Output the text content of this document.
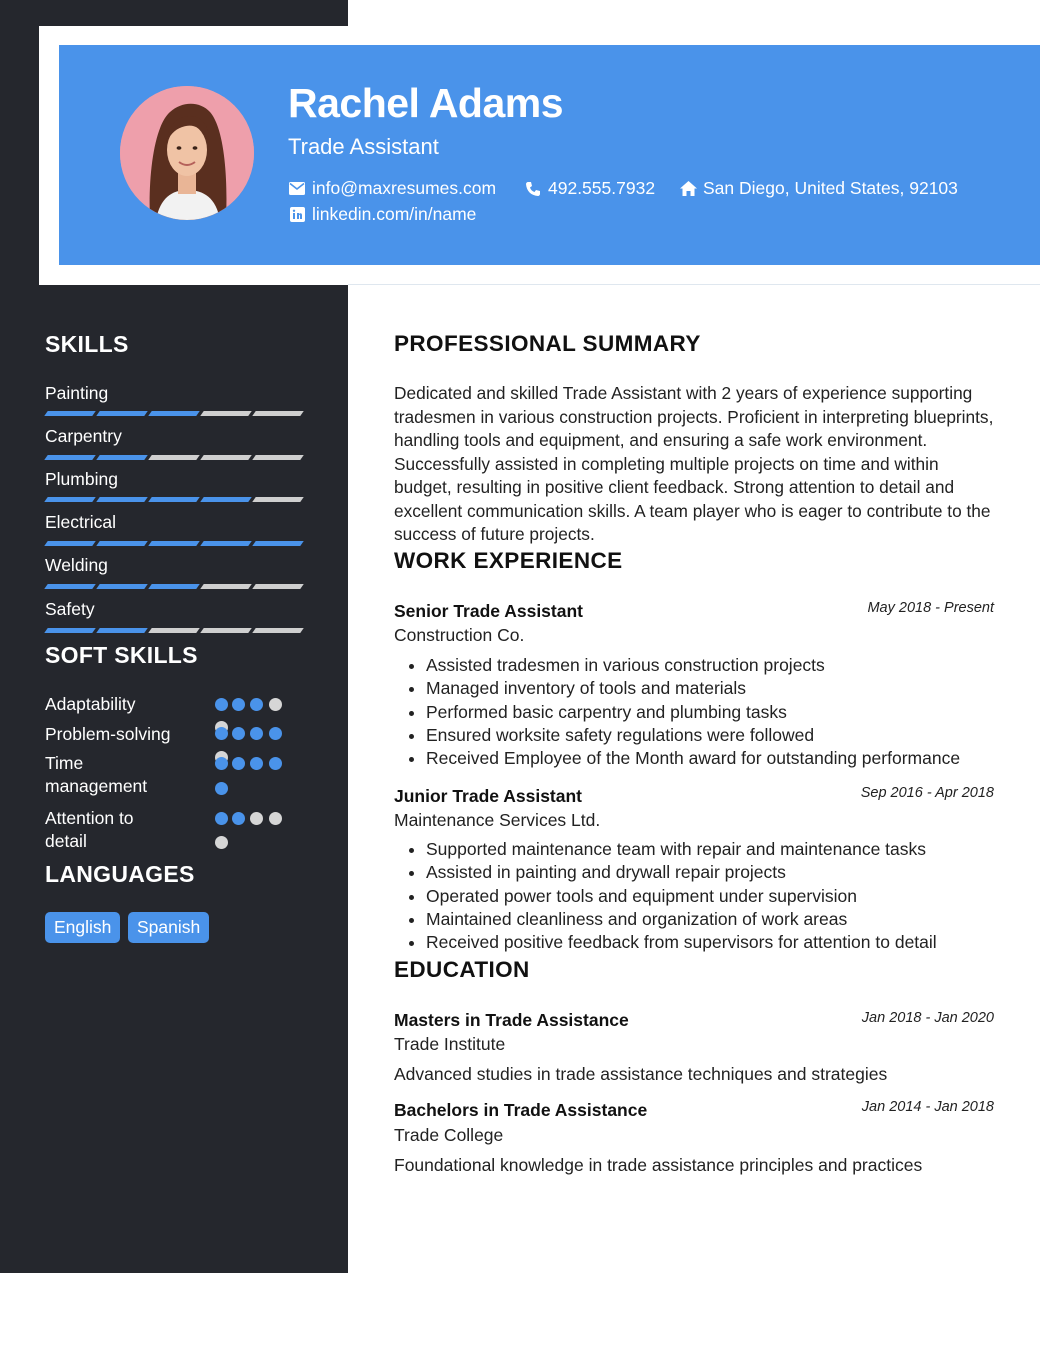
Rachel Adams
Trade Assistant
info@maxresumes.com	492.555.7932	San Diego, United States, 92103
linkedin.com/in/name
SKILLS
Painting
Carpentry
Plumbing
Electrical
Welding
Safety
SOFT SKILLS
Adaptability
Problem-solving
Time management
Attention to detail
LANGUAGES
English	Spanish
PROFESSIONAL SUMMARY
Dedicated and skilled Trade Assistant with 2 years of experience supporting tradesmen in various construction projects. Proficient in interpreting blueprints, handling tools and equipment, and ensuring a safe work environment. Successfully assisted in completing multiple projects on time and within budget, resulting in positive client feedback. Strong attention to detail and excellent communication skills. A team player who is eager to contribute to the success of future projects.
WORK EXPERIENCE
Senior Trade Assistant	May 2018 - Present
Construction Co.
Assisted tradesmen in various construction projects
Managed inventory of tools and materials
Performed basic carpentry and plumbing tasks
Ensured worksite safety regulations were followed
Received Employee of the Month award for outstanding performance
Junior Trade Assistant	Sep 2016 - Apr 2018
Maintenance Services Ltd.
Supported maintenance team with repair and maintenance tasks
Assisted in painting and drywall repair projects
Operated power tools and equipment under supervision
Maintained cleanliness and organization of work areas
Received positive feedback from supervisors for attention to detail
EDUCATION
Masters in Trade Assistance	Jan 2018 - Jan 2020
Trade Institute
Advanced studies in trade assistance techniques and strategies
Bachelors in Trade Assistance	Jan 2014 - Jan 2018
Trade College
Foundational knowledge in trade assistance principles and practices
